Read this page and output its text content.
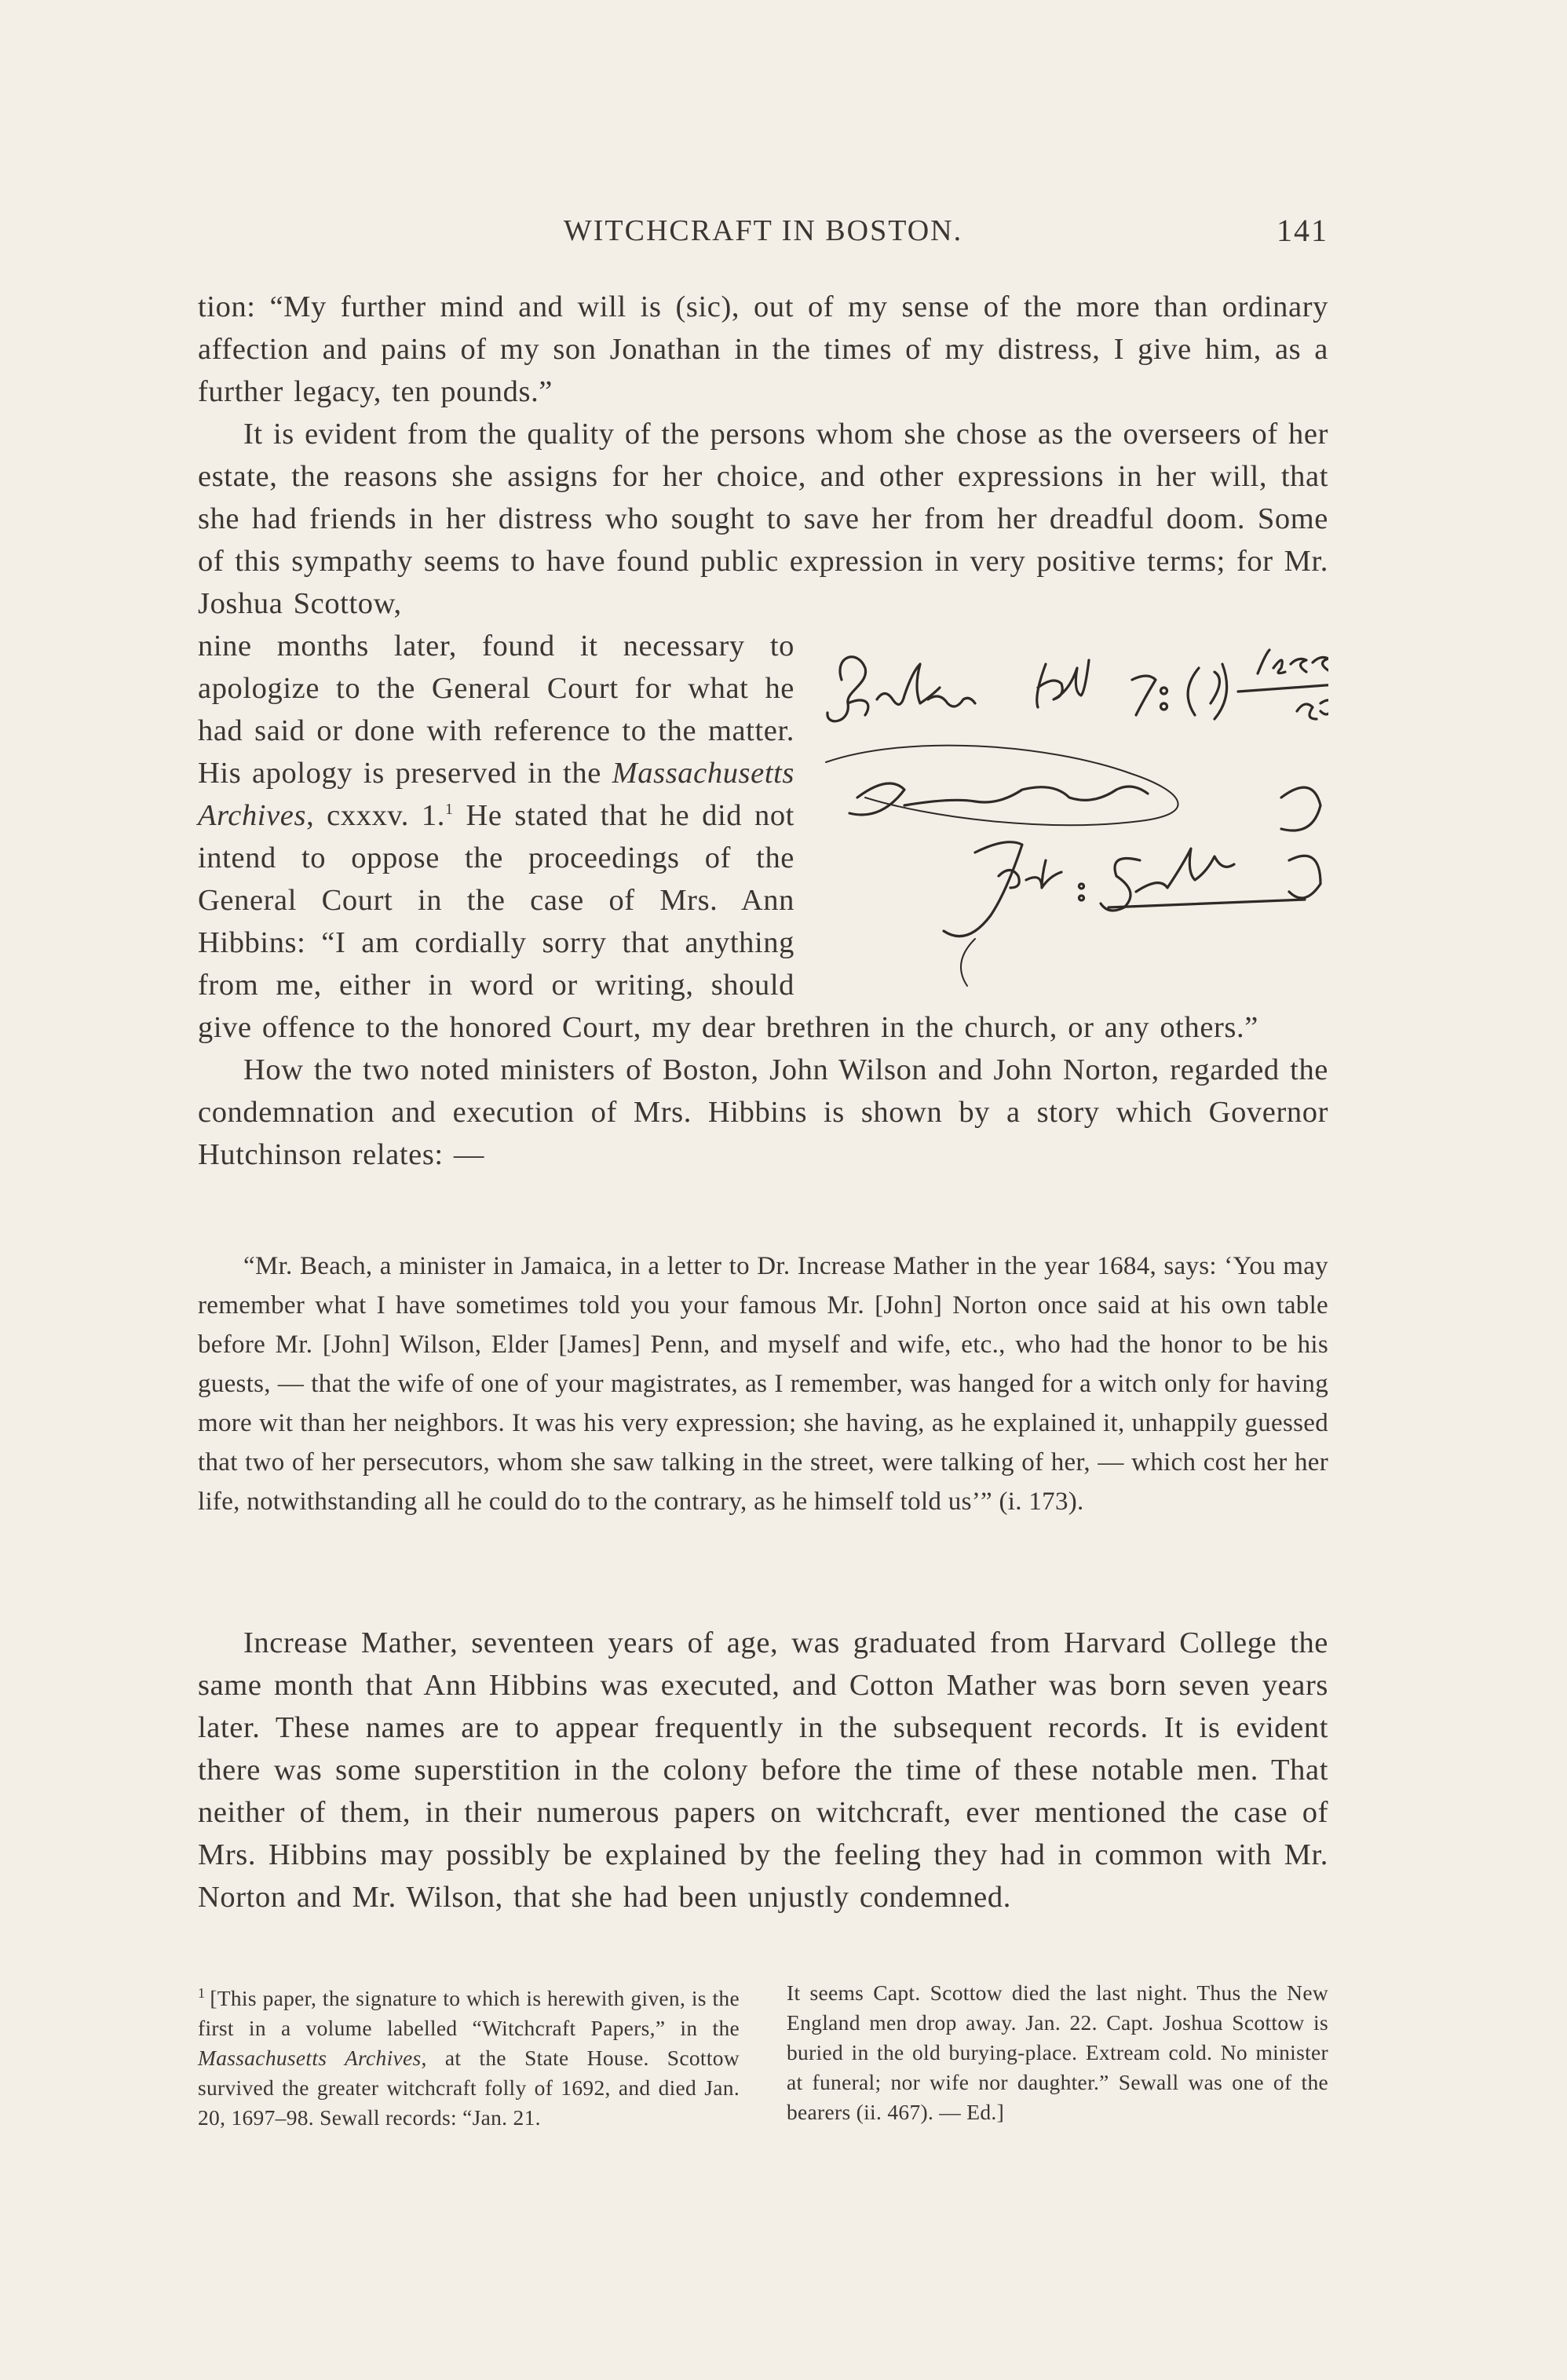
WITCHCRAFT IN BOSTON.	141

tion: “My further mind and will is (sic), out of my sense of the more than ordinary affection and pains of my son Jonathan in the times of my distress, I give him, as a further legacy, ten pounds.”

It is evident from the quality of the persons whom she chose as the overseers of her estate, the reasons she assigns for her choice, and other expressions in her will, that she had friends in her distress who sought to save her from her dreadful doom. Some of this sympathy seems to have found public expression in very positive terms; for Mr. Joshua Scottow,

nine months later, found it necessary to apologize to the General Court for what he had said or done with reference to the matter. His apology is preserved in the Massachusetts Archives, cxxxv. 1.$^1$ He stated that he did not intend to oppose the proceedings of the General Court in the case of Mrs. Ann Hibbins: “I am cordially sorry that anything from me, either in word or writing, should give offence to the honored Court, my dear brethren in the church, or any others.”

How the two noted ministers of Boston, John Wilson and John Norton, regarded the condemnation and execution of Mrs. Hibbins is shown by a story which Governor Hutchinson relates: —

“Mr. Beach, a minister in Jamaica, in a letter to Dr. Increase Mather in the year 1684, says: ‘You may remember what I have sometimes told you your famous Mr. [John] Norton once said at his own table before Mr. [John] Wilson, Elder [James] Penn, and myself and wife, etc., who had the honor to be his guests, — that the wife of one of your magistrates, as I remember, was hanged for a witch only for having more wit than her neighbors. It was his very expression; she having, as he explained it, unhappily guessed that two of her persecutors, whom she saw talking in the street, were talking of her, — which cost her her life, notwithstanding all he could do to the contrary, as he himself told us’” (i. 173).

Increase Mather, seventeen years of age, was graduated from Harvard College the same month that Ann Hibbins was executed, and Cotton Mather was born seven years later. These names are to appear frequently in the subsequent records. It is evident there was some superstition in the colony before the time of these notable men. That neither of them, in their numerous papers on witchcraft, ever mentioned the case of Mrs. Hibbins may possibly be explained by the feeling they had in common with Mr. Norton and Mr. Wilson, that she had been unjustly condemned.

$^1$ [This paper, the signature to which is herewith given, is the first in a volume labelled “Witchcraft Papers,” in the Massachusetts Archives, at the State House. Scottow survived the greater witchcraft folly of 1692, and died Jan. 20, 1697–98. Sewall records: “Jan. 21.
It seems Capt. Scottow died the last night. Thus the New England men drop away. Jan. 22. Capt. Joshua Scottow is buried in the old burying-place. Extream cold. No minister at funeral; nor wife nor daughter.” Sewall was one of the bearers (ii. 467). — Ed.]
